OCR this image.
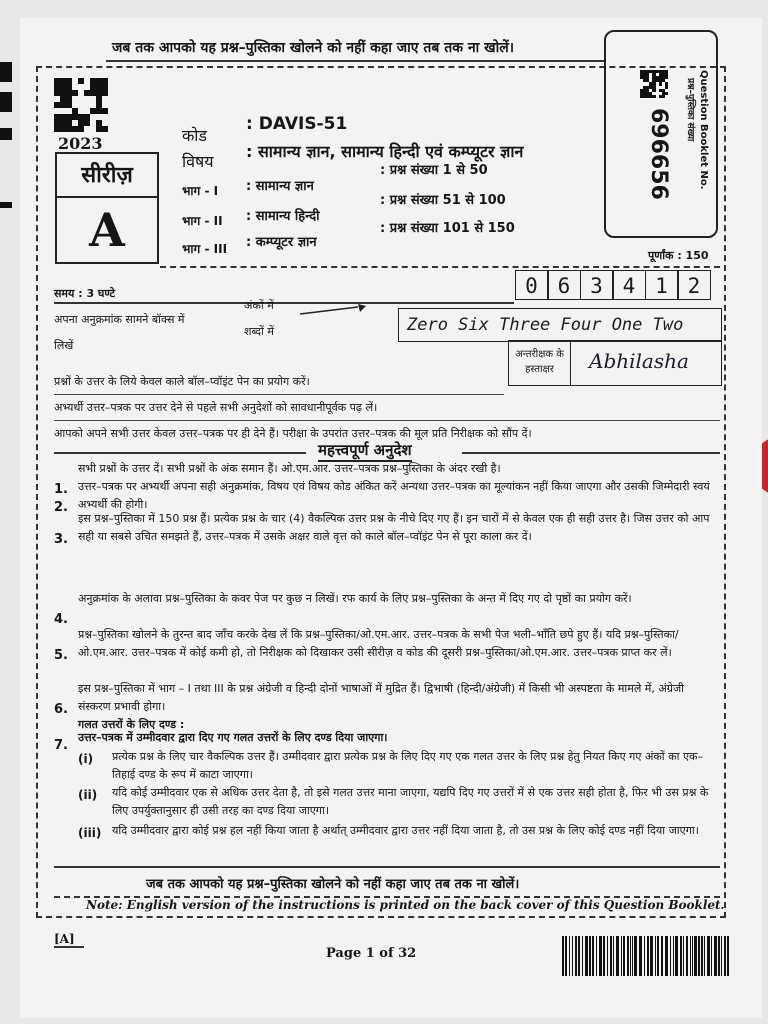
जब तक आपको यह प्रश्न–पुस्तिका खोलने को नहीं कहा जाए तब तक ना खोलें।
2023
सीरीज़
A
कोड
: DAVIS-51
विषय
: सामान्य ज्ञान, सामान्य हिन्दी एवं कम्प्यूटर ज्ञान
भाग - I : सामान्य ज्ञान
: प्रश्न संख्या 1 से 50
भाग - II : सामान्य हिन्दी
: प्रश्न संख्या 51 से 100
भाग - III : कम्प्यूटर ज्ञान
: प्रश्न संख्या 101 से 150
696656	Question Booklet No.
प्रश्न–पुस्तिका संख्या
पूर्णांक : 150
समय : 3 घण्टे
अपना अनुक्रमांक सामने बॉक्स में
लिखें
अंकों में
शब्दों में
0 6 3 4 1 2
Zero Six Three Four One Two
अन्तरीक्षक के हस्ताक्षर	Abhilasha
प्रश्नों के उत्तर के लिये केवल काले बॉल–प्वॉइंट पेन का प्रयोग करें।
अभ्यर्थी उत्तर–पत्रक पर उत्तर देने से पहले सभी अनुदेशों को सावधानीपूर्वक पढ़ लें।
आपको अपने सभी उत्तर केवल उत्तर–पत्रक पर ही देने हैं। परीक्षा के उपरांत उत्तर–पत्रक की मूल प्रति निरीक्षक को सौंप दें।
महत्त्वपूर्ण अनुदेश
1.
सभी प्रश्नों के उत्तर दें। सभी प्रश्नों के अंक समान हैं। ओ.एम.आर. उत्तर–पत्रक प्रश्न–पुस्तिका के अंदर रखी है।
2.
उत्तर–पत्रक पर अभ्यर्थी अपना सही अनुक्रमांक, विषय एवं विषय कोड अंकित करें अन्यथा उत्तर–पत्रक का मूल्यांकन नहीं किया जाएगा और उसकी जिम्मेदारी स्वयं अभ्यर्थी की होगी।
3.
इस प्रश्न–पुस्तिका में 150 प्रश्न हैं। प्रत्येक प्रश्न के चार (4) वैकल्पिक उत्तर प्रश्न के नीचे दिए गए हैं। इन चारों में से केवल एक ही सही उत्तर है। जिस उत्तर को आप सही या सबसे उचित समझते हैं, उत्तर–पत्रक में उसके अक्षर वाले वृत्त को काले बॉल–प्वॉइंट पेन से पूरा काला कर दें।
4.
अनुक्रमांक के अलावा प्रश्न–पुस्तिका के कवर पेज पर कुछ न लिखें। रफ कार्य के लिए प्रश्न–पुस्तिका के अन्त में दिए गए दो पृष्ठों का प्रयोग करें।
5.
प्रश्न–पुस्तिका खोलने के तुरन्त बाद जाँच करके देख लें कि प्रश्न–पुस्तिका/ओ.एम.आर. उत्तर–पत्रक के सभी पेज भली–भाँति छपे हुए हैं। यदि प्रश्न–पुस्तिका/ओ.एम.आर. उत्तर–पत्रक में कोई कमी हो, तो निरीक्षक को दिखाकर उसी सीरीज़ व कोड की दूसरी प्रश्न–पुस्तिका/ओ.एम.आर. उत्तर–पत्रक प्राप्त कर लें।
6.
इस प्रश्न–पुस्तिका में भाग – I तथा III के प्रश्न अंग्रेजी व हिन्दी दोनों भाषाओं में मुद्रित हैं। द्विभाषी (हिन्दी/अंग्रेजी) में किसी भी अस्पष्टता के मामले में, अंग्रेजी संस्करण प्रभावी होगा।
7.
गलत उत्तरों के लिए दण्ड :
उत्तर–पत्रक में उम्मीदवार द्वारा दिए गए गलत उत्तरों के लिए दण्ड दिया जाएगा।
(i) प्रत्येक प्रश्न के लिए चार वैकल्पिक उत्तर हैं। उम्मीदवार द्वारा प्रत्येक प्रश्न के लिए दिए गए एक गलत उत्तर के लिए प्रश्न हेतु नियत किए गए अंकों का एक–तिहाई दण्ड के रूप में काटा जाएगा।
(ii) यदि कोई उम्मीदवार एक से अधिक उत्तर देता है, तो इसे गलत उत्तर माना जाएगा, यद्यपि दिए गए उत्तरों में से एक उत्तर सही होता है, फिर भी उस प्रश्न के लिए उपर्युक्तानुसार ही उसी तरह का दण्ड दिया जाएगा।
(iii) यदि उम्मीदवार द्वारा कोई प्रश्न हल नहीं किया जाता है अर्थात् उम्मीदवार द्वारा उत्तर नहीं दिया जाता है, तो उस प्रश्न के लिए कोई दण्ड नहीं दिया जाएगा।
जब तक आपको यह प्रश्न–पुस्तिका खोलने को नहीं कहा जाए तब तक ना खोलें।
Note: English version of the instructions is printed on the back cover of this Question Booklet.
[A]
Page 1 of 32
